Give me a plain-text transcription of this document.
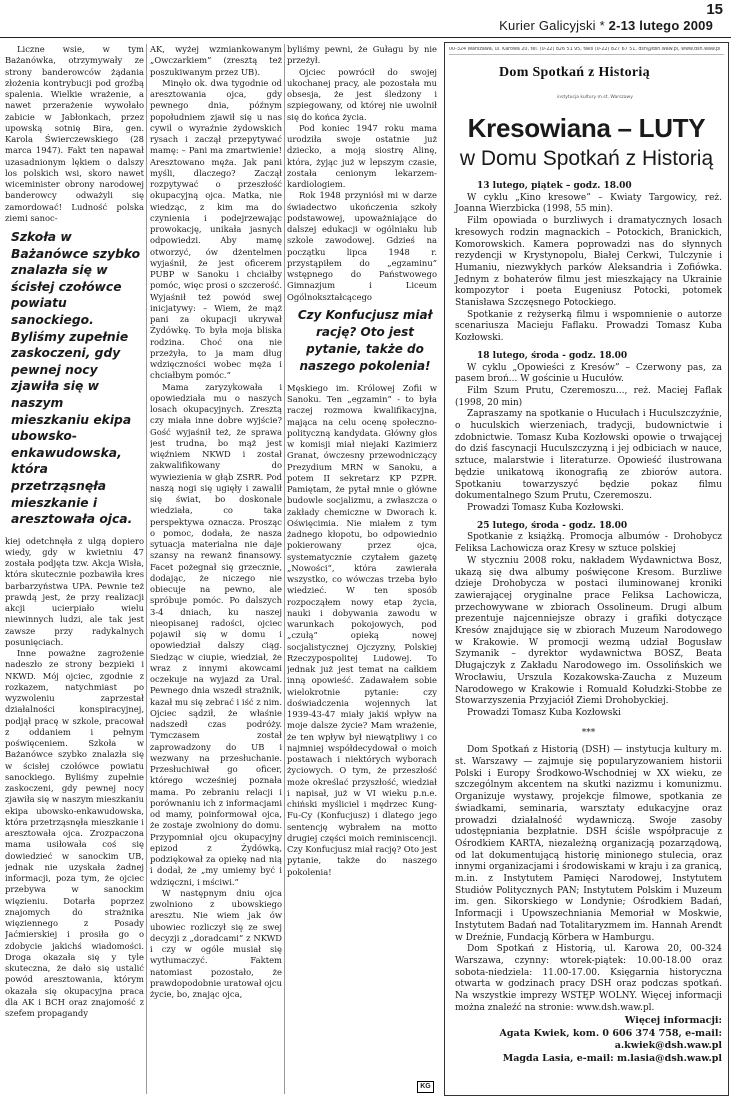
15
Kurier Galicyjski * 2-13 lutego 2009

Liczne wsie, w tym Bażanówka, otrzymywały ze strony banderowców żądania złożenia kontrybucji pod groźbą spalenia. Wielkie wrażenie, a nawet przerażenie wywołało zabicie w Jabłonkach, przez upowską sotnię Bira, gen. Karola Świerczewskiego (28 marca 1947). Fakt ten napawał uzasadnionym lękiem o dalszy los polskich wsi, skoro nawet wiceminister obrony narodowej banderowcy odważyli się zamordować! Ludność polska ziemi sanoc-

Szkoła w Bażanówce szybko znalazła się w ścisłej czołówce powiatu sanockiego. Byliśmy zupełnie zaskoczeni, gdy pewnej nocy zjawiła się w naszym mieszkaniu ekipa ubowsko-enkawudowska, która przetrząsnęła mieszkanie i aresztowała ojca.

kiej odetchnęła z ulgą dopiero wiedy, gdy w kwietniu 47 została podjęta tzw. Akcja Wisła, która skutecznie pozbawiła kres barbarzyństwa UPA. Pewnie też prawdą jest, że przy realizacji akcji ucierpiało wielu niewinnych ludzi, ale tak jest zawsze przy radykalnych posunięciach.

Inne poważne zagrożenie nadeszło ze strony bezpieki i NKWD. Mój ojciec, zgodnie z rozkazem, natychmiast po wyzwoleniu zaprzestał działalności konspiracyjnej, podjął pracę w szkole, pracował z oddaniem i pełnym poświęceniem. Szkoła w Bażanówce szybko znalazła się w ścisłej czołówce powiatu sanockiego. Byliśmy zupełnie zaskoczeni, gdy pewnej nocy zjawiła się w naszym mieszkaniu ekipa ubowsko-enkawudowska, która przetrząsnęła mieszkanie i aresztowała ojca. Zrozpaczona mama usiłowała coś się dowiedzieć w sanockim UB, jednak nie uzyskała żadnej informacji, poza tym, że ojciec przebywa w sanockim więzieniu. Dotarła poprzez znajomych do strażnika więziennego z Posady Jaćmierskiej i prosiła go o zdobycie jakichś wiadomości. Droga okazała się y tyle skuteczna, że dało się ustalić powód aresztowania, którym okazała się okupacyjna praca dla AK i BCH oraz znajomość z szefem propagandy

AK, wyżej wzmiankowanym „Owczarkiem” (zresztą też poszukiwanym przez UB).

Minęło ok. dwa tygodnie od aresztowania ojca, gdy pewnego dnia, późnym popołudniem zjawił się u nas cywil o wyraźnie żydowskich rysach i zaczął przepytywać mamę: – Pani ma zmartwienie! Aresztowano męża. Jak pani myśli, dlaczego? Zaczął rozpytywać o przeszłość okupacyjną ojca. Matka, nie wiedząc, z kim ma do czynienia i podejrzewając prowokację, unikała jasnych odpowiedzi. Aby mamę otworzyć, ów dżentelmen wyjaśnił, że jest oficerem PUBP w Sanoku i chciałby pomóc, więc prosi o szczerość. Wyjaśnił też powód swej inicjatywy: – Wiem, że mąż pani za okupacji ukrywał Żydówkę. To była moja bliska rodzina. Choć ona nie przeżyła, to ja mam dług wdzięczności wobec męża i chciałbym pomóc.”

Mama zaryzykowała i opowiedziała mu o naszych losach okupacyjnych. Zresztą czy miała inne dobre wyjście? Gość wyjaśnił też, że sprawa jest trudna, bo mąż jest więźniem NKWD i został zakwalifikowany do wywiezienia w głąb ZSRR. Pod naszą nogi się ugięły i zawalił się świat, bo doskonale wiedziała, co taka perspektywa oznacza. Prosząc o pomoc, dodała, że nasza sytuacja materialna nie daje szansy na rewanż finansowy. Facet pożegnał się grzecznie, dodając, że niczego nie obiecuje na pewno, ale spróbuje pomóc. Po dalszych 3-4 dniach, ku naszej nieopisanej radości, ojciec pojawił się w domu i opowiedział dalszy ciąg. Siedząc w ciupie, wiedział, że wraz z innymi akowcami oczekuje na wyjazd za Ural. Pewnego dnia wszedł strażnik, kazał mu się zebrać i iść z nim. Ojciec sądził, że właśnie nadszedł czas podróży. Tymczasem został zaprowadzony do UB i wezwany na przesłuchanie. Przesłuchiwał go oficer, którego wcześniej poznała mama. Po zebraniu relacji i porównaniu ich z informacjami od mamy, poinformował ojca, że zostaje zwolniony do domu. Przypomniał ojcu okupacyjny epizod z Żydówką, podziękował za opiekę nad nią i dodał, że „my umiemy być i wdzięczni, i mściwi.”

W następnym dniu ojca zwolniono z ubowskiego aresztu. Nie wiem jak ów ubowiec rozliczył się ze swej decyzji z „doradcami” z NKWD i czy w ogóle musiał się wytłumaczyć. Faktem natomiast pozostało, że prawdopodobnie uratował ojcu życie, bo, znając ojca,

byliśmy pewni, że Gułagu by nie przeżył.

Ojciec powrócił do swojej ukochanej pracy, ale pozostała mu obsesja, że jest śledzony i szpiegowany, od której nie uwolnił się do końca życia.

Pod koniec 1947 roku mama urodziła swoje ostatnie już dziecko, a moją siostrę Alinę, która, żyjąc już w lepszym czasie, została cenionym lekarzem-kardiologiem.

Rok 1948 przyniósł mi w darze świadectwo ukończenia szkoły podstawowej, upoważniające do dalszej edukacji w ogólniaku lub szkole zawodowej. Gdzieś na początku lipca 1948 r. przystąpiłem do „egzaminu” wstępnego do Państwowego Gimnazjum i Liceum Ogólnokształcącego

Czy Konfucjusz miał rację? Oto jest pytanie, także do naszego pokolenia!

Męskiego im. Królowej Zofii w Sanoku. Ten „egzamin” - to była raczej rozmowa kwalifikacyjna, mająca na celu ocenę społeczno-polityczną kandydata. Główny głos w komisji miał niejaki Kazimierz Granat, ówczesny przewodniczący Prezydium MRN w Sanoku, a potem II sekretarz KP PZPR. Pamiętam, że pytał mnie o główne budowle socjalizmu, a zwłaszcza o zakłady chemiczne w Dworach k. Oświęcimia. Nie miałem z tym żadnego kłopotu, bo odpowiednio pokierowany przez ojca, systematycznie czytałem gazetę „Nowości”, która zawierała wszystko, co wówczas trzeba było wiedzieć. W ten sposób rozpocząłem nowy etap życia, nauki i dobywania zawodu w warunkach pokojowych, pod „czułą” opieką nowej socjalistycznej Ojczyzny, Polskiej Rzeczypospolitej Ludowej. To jednak już jest temat na całkiem inną opowieść. Zadawałem sobie wielokrotnie pytanie: czy doświadczenia wojennych lat 1939-43-47 miały jakiś wpływ na moje dalsze życie? Mam wrażenie, że ten wpływ był niewątpliwy i co najmniej współdecydował o moich postawach i niektórych wyborach życiowych. O tym, że przeszłość może określać przyszłość, wiedział i napisał, już w VI wieku p.n.e. chiński myśliciel i mędrzec Kung-Fu-Cy (Konfucjusz) i dlatego jego sentencję wybrałem na motto drugiej części moich reminiscencji. Czy Konfucjusz miał rację? Oto jest pytanie, także do naszego pokolenia!

KG
00-324 Warszawa, ul. Karowa 20, tel. (0-22) 826 51 95, faks (0-22) 827 67 51, dsh@dsh.waw.pl, www.dsh.waw.pl
Dom Spotkań z Historią
instytucja kultury m.st. Warszawy
Kresowiana – LUTY
w Domu Spotkań z Historią

13 lutego, piątek – godz. 18.00

W cyklu „Kino kresowe” – Kwiaty Targowicy, reż. Joanna Wierzbicka (1998, 55 min).

Film opowiada o burzliwych i dramatycznych losach kresowych rodzin magnackich – Potockich, Branickich, Komorowskich. Kamera poprowadzi nas do słynnych rezydencji w Krystynopolu, Białej Cerkwi, Tulczynie i Humaniu, niezwykłych parków Aleksandria i Zofiówka. Jednym z bohaterów filmu jest mieszkający na Ukrainie kompozytor i poeta Eugeniusz Potocki, potomek Stanisława Szczęsnego Potockiego.

Spotkanie z reżyserką filmu i wspomnienie o autorze scenariusza Macieju Faflaku. Prowadzi Tomasz Kuba Kozłowski.

18 lutego, środa - godz. 18.00

W cyklu „Opowieści z Kresów” – Czerwony pas, za pasem broń... W gościnie u Hucułów.

Film Szum Prutu, Czeremoszu..., reż. Maciej Faflak (1998, 20 min)

Zapraszamy na spotkanie o Hucułach i Huculszczyźnie, o huculskich wierzeniach, tradycji, budownictwie i zdobnictwie. Tomasz Kuba Kozłowski opowie o trwającej do dziś fascynacji Huculszczyzną i jej odbiciach w nauce, sztuce, malarstwie i literaturze. Opowieść ilustrowana będzie unikatową ikonografią ze zbiorów autora. Spotkaniu towarzyszyć będzie pokaz filmu dokumentalnego Szum Prutu, Czeremoszu.

Prowadzi Tomasz Kuba Kozłowski.

25 lutego, środa - godz. 18.00

Spotkanie z książką. Promocja albumów - Drohobycz Feliksa Lachowicza oraz Kresy w sztuce polskiej

W styczniu 2008 roku, nakładem Wydawnictwa Bosz, ukazą się dwa albumy poświęcone Kresom. Burzliwe dzieje Drohobycza w postaci iluminowanej kroniki zawierającej oryginalne prace Feliksa Lachowicza, przechowywane w zbiorach Ossolineum. Drugi album prezentuje najcenniejsze obrazy i grafiki dotyczące Kresów znajdujące się w zbiorach Muzeum Narodowego w Krakowie. W promocji wezmą udział Bogusław Szymanik – dyrektor wydawnictwa BOSZ, Beata Długajczyk z Zakładu Narodowego im. Ossolińskich we Wrocławiu, Urszula Kozakowska-Zaucha z Muzeum Narodowego w Krakowie i Romuald Kołudzki-Stobbe ze Stowarzyszenia Przyjaciół Ziemi Drohobyckiej.

Prowadzi Tomasz Kuba Kozłowski

***

Dom Spotkań z Historią (DSH) — instytucja kultury m. st. Warszawy — zajmuje się popularyzowaniem historii Polski i Europy Środkowo-Wschodniej w XX wieku, ze szczególnym akcentem na skutki nazizmu i komunizmu. Organizuje wystawy, projekcje filmowe, spotkania ze świadkami, seminaria, warsztaty edukacyjne oraz prowadzi działalność wydawniczą. Swoje zasoby udostępniania bezpłatnie. DSH ściśle współpracuje z Ośrodkiem KARTA, niezależną organizacją pozarządową, od lat dokumentującą historię minionego stulecia, oraz innymi organizacjami i środowiskami w kraju i za granicą, m.in. z Instytutem Pamięci Narodowej, Instytutem Studiów Politycznych PAN; Instytutem Polskim i Muzeum im. gen. Sikorskiego w Londynie; Ośrodkiem Badań, Informacji i Upowszechniania Memoriał w Moskwie, Instytutem Badań nad Totalitaryzmem im. Hannah Arendt w Dreźnie, Fundacją Körbera w Hamburgu.

Dom Spotkań z Historią, ul. Karowa 20, 00-324 Warszawa, czynny: wtorek-piątek: 10.00-18.00 oraz sobota-niedziela: 11.00-17.00. Księgarnia historyczna otwarta w godzinach pracy DSH oraz podczas spotkań. Na wszystkie imprezy WSTĘP WOLNY. Więcej informacji można znaleźć na stronie: www.dsh.waw.pl.

Więcej informacji:
Agata Kwiek, kom. 0 606 374 758, e-mail:
a.kwiek@dsh.waw.pl
Magda Lasia, e-mail: m.lasia@dsh.waw.pl
